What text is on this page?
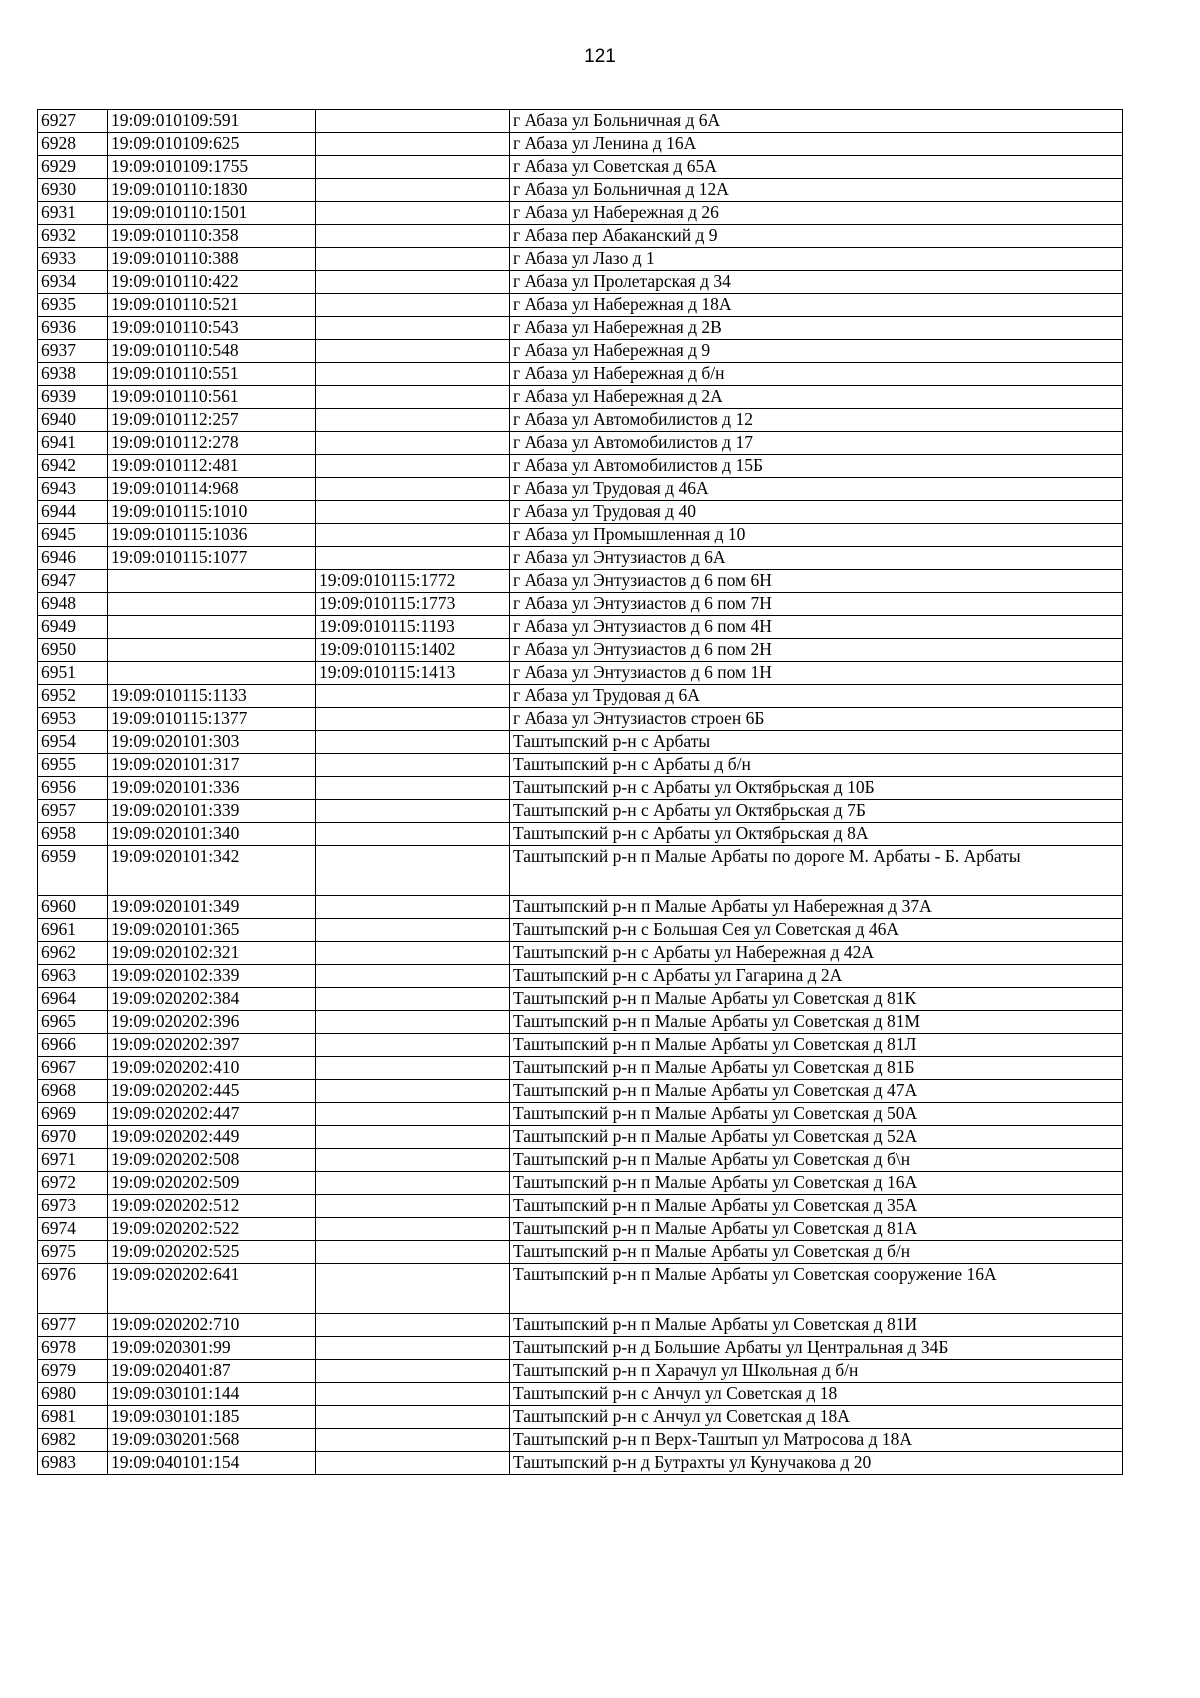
121
6927	19:09:010109:591		г Абаза ул Больничная д 6А
6928	19:09:010109:625		г Абаза ул Ленина д 16А
6929	19:09:010109:1755		г Абаза ул Советская д 65А
6930	19:09:010110:1830		г Абаза ул Больничная д 12А
6931	19:09:010110:1501		г Абаза ул Набережная д 26
6932	19:09:010110:358		г Абаза пер Абаканский д 9
6933	19:09:010110:388		г Абаза ул Лазо д 1
6934	19:09:010110:422		г Абаза ул Пролетарская д 34
6935	19:09:010110:521		г Абаза ул Набережная д 18А
6936	19:09:010110:543		г Абаза ул Набережная д 2В
6937	19:09:010110:548		г Абаза ул Набережная д 9
6938	19:09:010110:551		г Абаза ул Набережная д б/н
6939	19:09:010110:561		г Абаза ул Набережная д 2А
6940	19:09:010112:257		г Абаза ул Автомобилистов д 12
6941	19:09:010112:278		г Абаза ул Автомобилистов д 17
6942	19:09:010112:481		г Абаза ул Автомобилистов д 15Б
6943	19:09:010114:968		г Абаза ул Трудовая д 46А
6944	19:09:010115:1010		г Абаза ул Трудовая д 40
6945	19:09:010115:1036		г Абаза ул Промышленная д 10
6946	19:09:010115:1077		г Абаза ул Энтузиастов д 6А
6947		19:09:010115:1772	г Абаза ул Энтузиастов д 6 пом 6Н
6948		19:09:010115:1773	г Абаза ул Энтузиастов д 6 пом 7Н
6949		19:09:010115:1193	г Абаза ул Энтузиастов д 6 пом 4Н
6950		19:09:010115:1402	г Абаза ул Энтузиастов д 6 пом 2Н
6951		19:09:010115:1413	г Абаза ул Энтузиастов д 6 пом 1Н
6952	19:09:010115:1133		г Абаза ул Трудовая д 6А
6953	19:09:010115:1377		г Абаза ул Энтузиастов строен 6Б
6954	19:09:020101:303		Таштыпский р-н с Арбаты
6955	19:09:020101:317		Таштыпский р-н с Арбаты д б/н
6956	19:09:020101:336		Таштыпский р-н с Арбаты ул Октябрьская д 10Б
6957	19:09:020101:339		Таштыпский р-н с Арбаты ул Октябрьская д 7Б
6958	19:09:020101:340		Таштыпский р-н с Арбаты ул Октябрьская д 8А
6959	19:09:020101:342		Таштыпский р-н п Малые Арбаты по дороге М. Арбаты - Б. Арбаты
6960	19:09:020101:349		Таштыпский р-н п Малые Арбаты ул Набережная д 37А
6961	19:09:020101:365		Таштыпский р-н с Большая Сея ул Советская д 46А
6962	19:09:020102:321		Таштыпский р-н с Арбаты ул Набережная д 42А
6963	19:09:020102:339		Таштыпский р-н с Арбаты ул Гагарина д 2А
6964	19:09:020202:384		Таштыпский р-н п Малые Арбаты ул Советская д 81К
6965	19:09:020202:396		Таштыпский р-н п Малые Арбаты ул Советская д 81М
6966	19:09:020202:397		Таштыпский р-н п Малые Арбаты ул Советская д 81Л
6967	19:09:020202:410		Таштыпский р-н п Малые Арбаты ул Советская д 81Б
6968	19:09:020202:445		Таштыпский р-н п Малые Арбаты ул Советская д 47А
6969	19:09:020202:447		Таштыпский р-н п Малые Арбаты ул Советская д 50А
6970	19:09:020202:449		Таштыпский р-н п Малые Арбаты ул Советская д 52А
6971	19:09:020202:508		Таштыпский р-н п Малые Арбаты ул Советская д б\н
6972	19:09:020202:509		Таштыпский р-н п Малые Арбаты ул Советская д 16А
6973	19:09:020202:512		Таштыпский р-н п Малые Арбаты ул Советская д 35А
6974	19:09:020202:522		Таштыпский р-н п Малые Арбаты ул Советская д 81А
6975	19:09:020202:525		Таштыпский р-н п Малые Арбаты ул Советская д б/н
6976	19:09:020202:641		Таштыпский р-н п Малые Арбаты ул Советская сооружение 16А
6977	19:09:020202:710		Таштыпский р-н п Малые Арбаты ул Советская д 81И
6978	19:09:020301:99		Таштыпский р-н д Большие Арбаты ул Центральная д 34Б
6979	19:09:020401:87		Таштыпский р-н п Харачул ул Школьная д б/н
6980	19:09:030101:144		Таштыпский р-н с Анчул ул Советская д 18
6981	19:09:030101:185		Таштыпский р-н с Анчул ул Советская д 18А
6982	19:09:030201:568		Таштыпский р-н п Верх-Таштып ул Матросова д 18А
6983	19:09:040101:154		Таштыпский р-н д Бутрахты ул Кунучакова д 20
